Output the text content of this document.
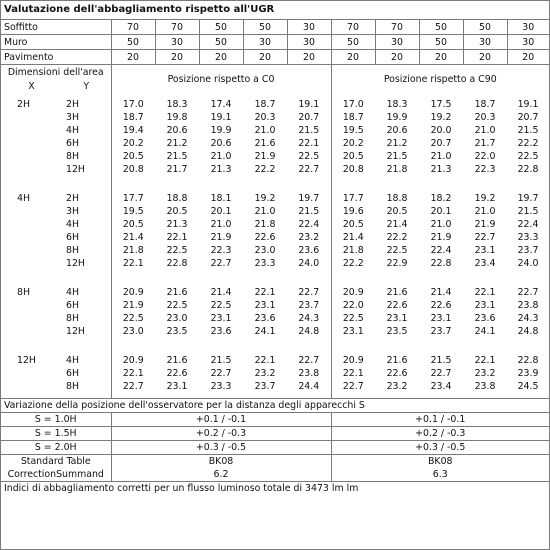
Valutazione dell'abbagliamento rispetto all'UGR
Soffitto		70	70	50	50	30	70	70	50	50	30
Muro		50	30	50	30	30	50	30	50	30	30
Pavimento		20	20	20	20	20	20	20	20	20	20
Dimensioni dell'area		Posizione rispetto a C0					Posizione rispetto a C90				
X	Y										

2H	2H	17.0	18.3	17.4	18.7	19.1	17.0	18.3	17.5	18.7	19.1
	3H	18.7	19.8	19.1	20.3	20.7	18.7	19.9	19.2	20.3	20.7
	4H	19.4	20.6	19.9	21.0	21.5	19.5	20.6	20.0	21.0	21.5
	6H	20.2	21.2	20.6	21.6	22.1	20.2	21.2	20.7	21.7	22.2
	8H	20.5	21.5	21.0	21.9	22.5	20.5	21.5	21.0	22.0	22.5
	12H	20.8	21.7	21.3	22.2	22.7	20.8	21.8	21.3	22.3	22.8

4H	2H	17.7	18.8	18.1	19.2	19.7	17.7	18.8	18.2	19.2	19.7
	3H	19.5	20.5	20.1	21.0	21.5	19.6	20.5	20.1	21.0	21.5
	4H	20.5	21.3	21.0	21.8	22.4	20.5	21.4	21.0	21.9	22.4
	6H	21.4	22.1	21.9	22.6	23.2	21.4	22.2	21.9	22.7	23.3
	8H	21.8	22.5	22.3	23.0	23.6	21.8	22.5	22.4	23.1	23.7
	12H	22.1	22.8	22.7	23.3	24.0	22.2	22.9	22.8	23.4	24.0

8H	4H	20.9	21.6	21.4	22.1	22.7	20.9	21.6	21.4	22.1	22.7
	6H	21.9	22.5	22.5	23.1	23.7	22.0	22.6	22.6	23.1	23.8
	8H	22.5	23.0	23.1	23.6	24.3	22.5	23.1	23.1	23.6	24.3
	12H	23.0	23.5	23.6	24.1	24.8	23.1	23.5	23.7	24.1	24.8

12H	4H	20.9	21.6	21.5	22.1	22.7	20.9	21.6	21.5	22.1	22.8
	6H	22.1	22.6	22.7	23.2	23.8	22.1	22.6	22.7	23.2	23.9
	8H	22.7	23.1	23.3	23.7	24.4	22.7	23.2	23.4	23.8	24.5

Variazione della posizione dell'osservatore per la distanza degli apparecchi S											
S = 1.0H		+0.1 / -0.1					+0.1 / -0.1				
S = 1.5H		+0.2 / -0.3					+0.2 / -0.3				
S = 2.0H		+0.3 / -0.5					+0.3 / -0.5				
Standard Table		BK08					BK08				
CorrectionSummand		6.2					6.3				
Indici di abbagliamento corretti per un flusso luminoso totale di 3473 lm lm											
